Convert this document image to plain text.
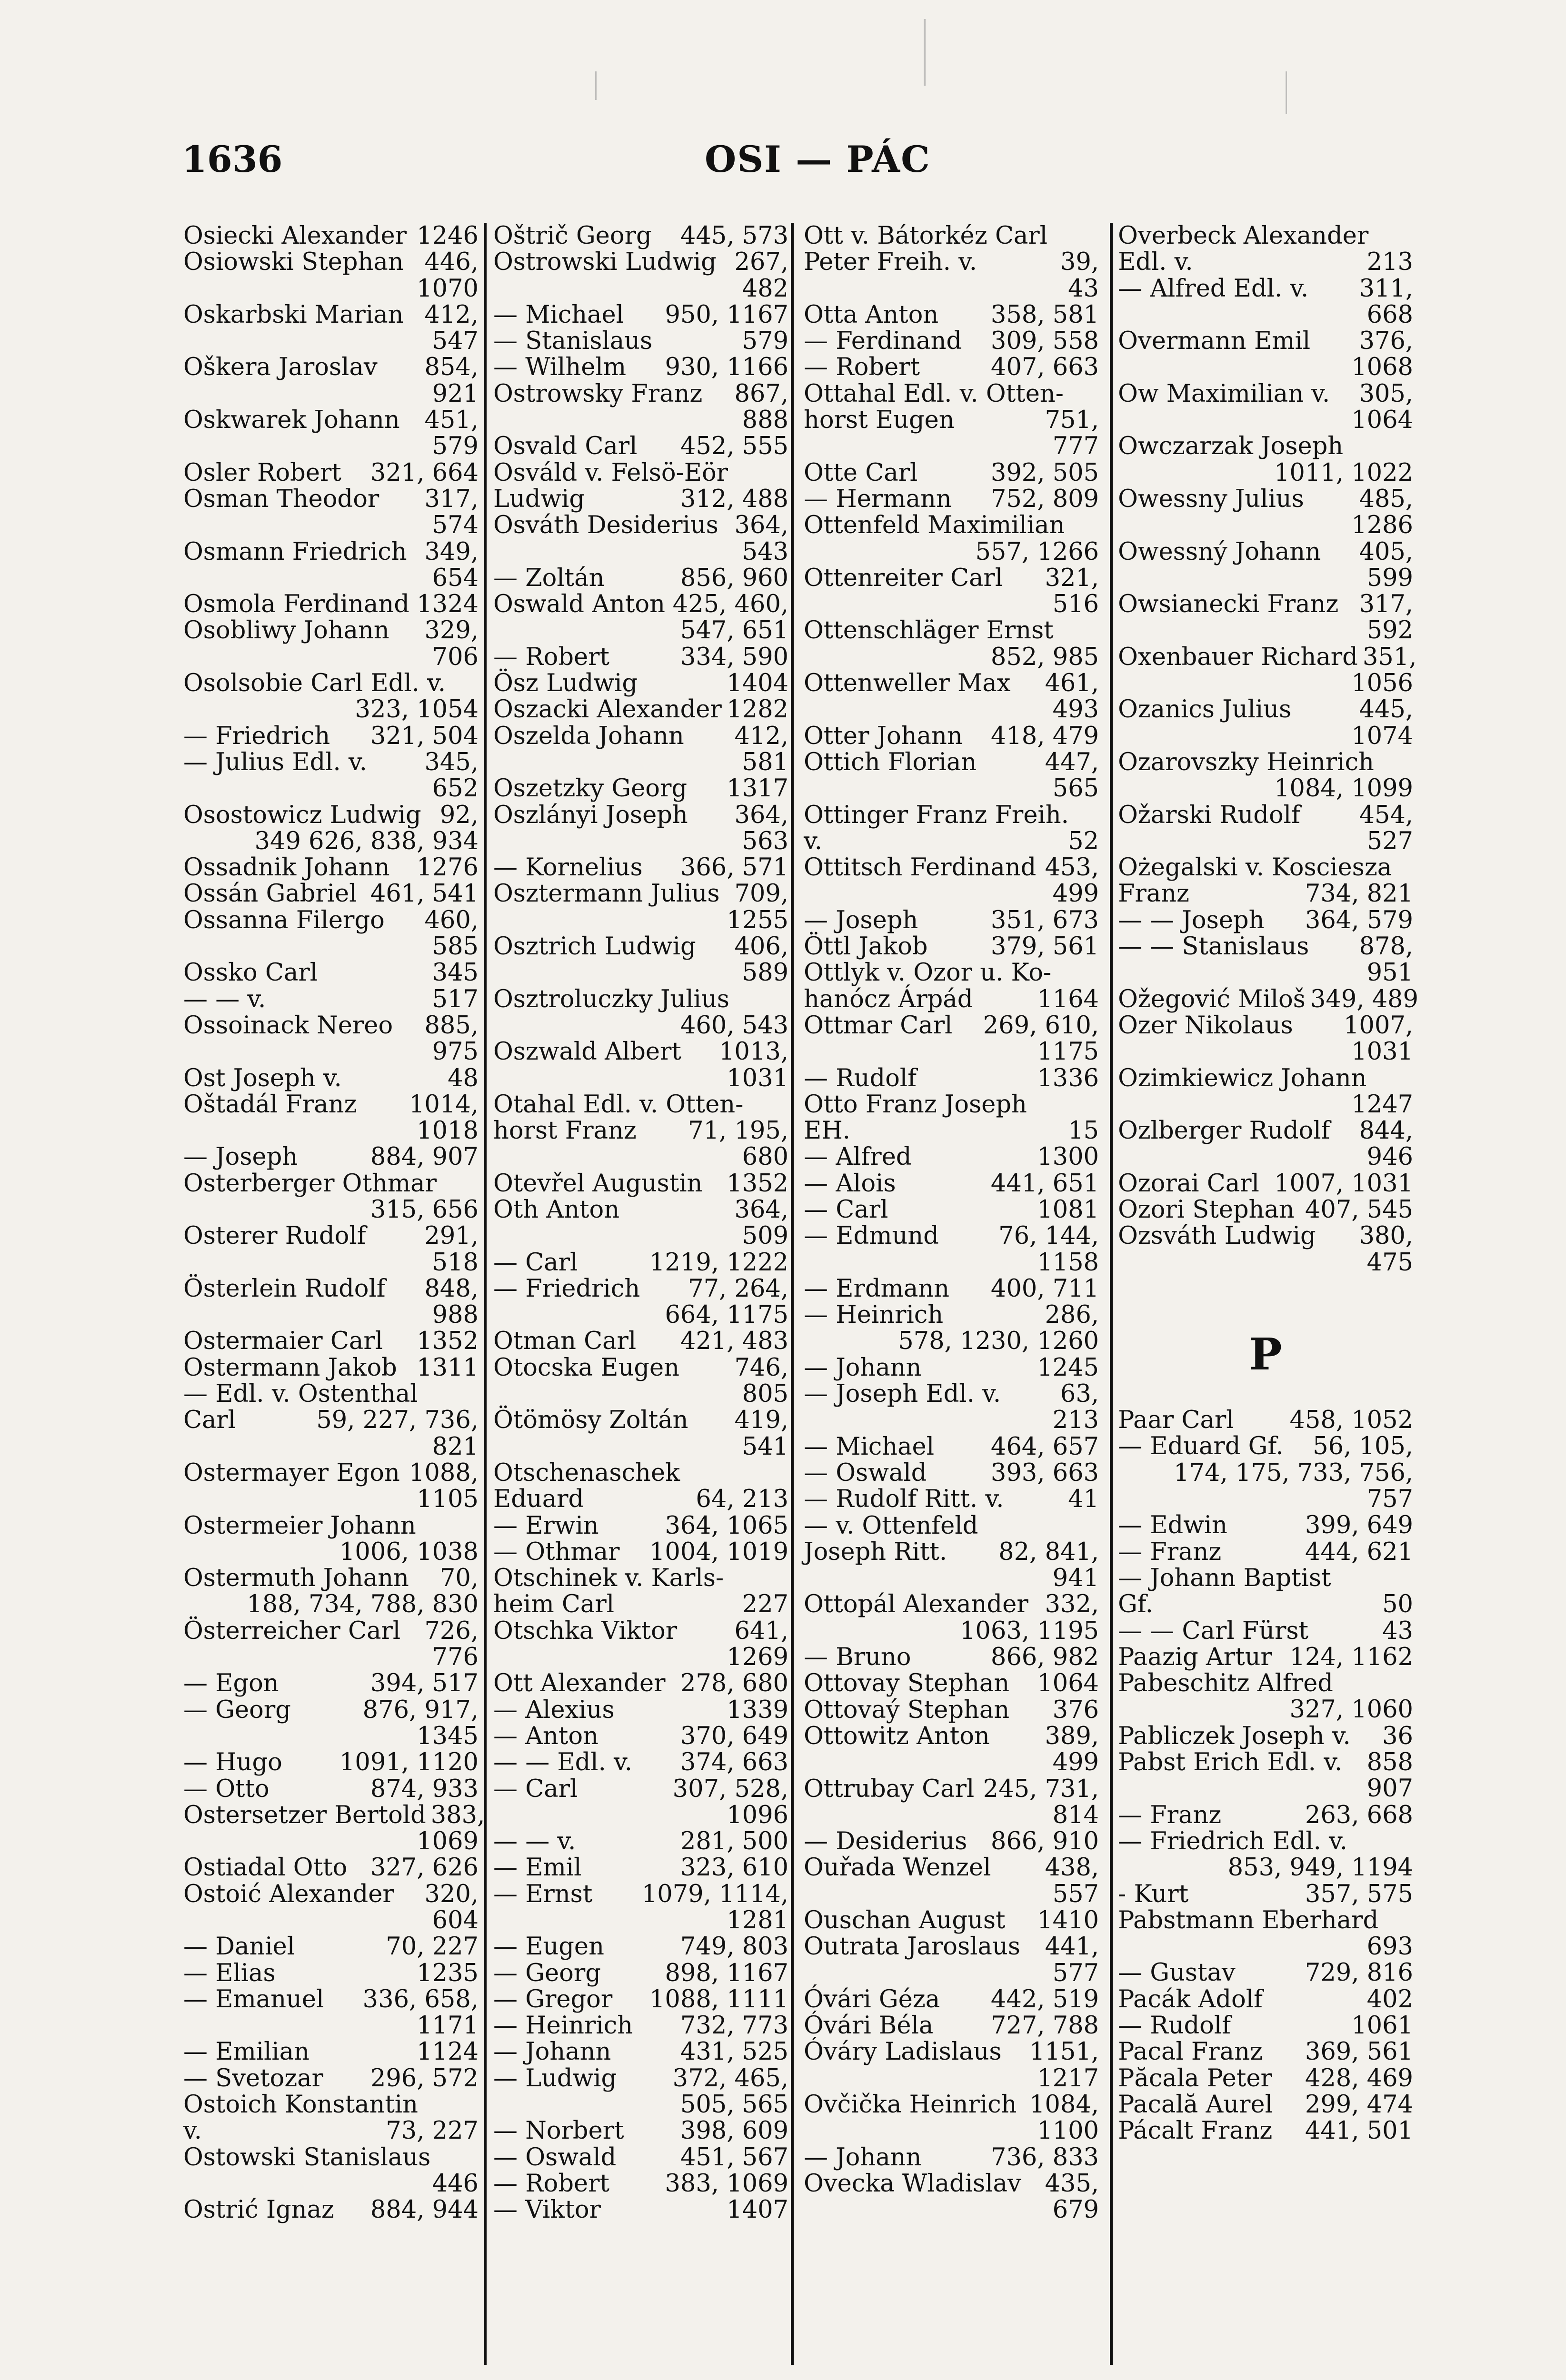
1636	OSI — PÁC
Osiecki Alexander 1246
Osiowski Stephan 446,
1070
Oskarbski Marian 412,
547
Oškera Jaroslav 854,
921
Oskwarek Johann 451,
579
Osler Robert 321, 664
Osman Theodor 317,
574
Osmann Friedrich 349,
654
Osmola Ferdinand 1324
Osobliwy Johann 329,
706
Osolsobie Carl Edl. v.
323, 1054
— Friedrich 321, 504
— Julius Edl. v. 345,
652
Osostowicz Ludwig 92,
349 626, 838, 934
Ossadnik Johann 1276
Ossán Gabriel 461, 541
Ossanna Filergo 460,
585
Ossko Carl	345
— — v.	517
Ossoinack Nereo 885,
975
Ost Joseph v.	48
Oštadál Franz 1014,
1018
— Joseph	884, 907
Osterberger Othmar
315, 656
Osterer Rudolf 291,
518
Österlein Rudolf 848,
988
Ostermaier Carl 1352
Ostermann Jakob 1311
— Edl. v. Ostenthal
Carl	59, 227, 736,
821
Ostermayer Egon 1088,
1105
Ostermeier Johann
1006, 1038
Ostermuth Johann 70,
188, 734, 788, 830
Österreicher Carl 726,
776
— Egon	394, 517
— Georg	876, 917,
1345
— Hugo 1091, 1120
— Otto	874, 933
Ostersetzer Bertold 383,
1069
Ostiadal Otto 327, 626
Ostoić Alexander 320,
604
— Daniel	70, 227
— Elias	1235
— Emanuel 336, 658,
1171
— Emilian	1124
— Svetozar 296, 572
Ostoich Konstantin
v.	73, 227
Ostowski Stanislaus
446
Ostrić Ignaz 884, 944
Oštrič Georg 445, 573
Ostrowski Ludwig 267,
482
— Michael 950, 1167
— Stanislaus	579
— Wilhelm 930, 1166
Ostrowsky Franz 867,
888
Osvald Carl 452, 555
Osváld v. Felsö-Eör
Ludwig	312, 488
Osváth Desiderius 364,
543
— Zoltán	856, 960
Oswald Anton 425, 460,
547, 651
— Robert	334, 590
Ösz Ludwig	1404
Oszacki Alexander 1282
Oszelda Johann 412,
581
Oszetzky Georg 1317
Oszlányi Joseph 364,
563
— Kornelius 366, 571
Osztermann Julius 709,
1255
Osztrich Ludwig 406,
589
Osztroluczky Julius
460, 543
Oszwald Albert 1013,
1031
Otahal Edl. v. Otten-
horst Franz 71, 195,
680
Otevřel Augustin 1352
Oth Anton	364,
509
— Carl	1219, 1222
— Friedrich 77, 264,
664, 1175
Otman Carl 421, 483
Otocska Eugen 746,
805
Ötömösy Zoltán 419,
541
Otschenaschek
Eduard	64, 213
— Erwin	364, 1065
— Othmar 1004, 1019
Otschinek v. Karls-
heim Carl	227
Otschka Viktor 641,
1269
Ott Alexander 278, 680
— Alexius	1339
— Anton	370, 649
— — Edl. v. 374, 663
— Carl	307, 528,
1096
— — v.	281, 500
— Emil	323, 610
— Ernst 1079, 1114,
1281
— Eugen	749, 803
— Georg	898, 1167
— Gregor 1088, 1111
— Heinrich 732, 773
— Johann	431, 525
— Ludwig 372, 465,
505, 565
— Norbert 398, 609
— Oswald	451, 567
— Robert 383, 1069
— Viktor	1407
Ott v. Bátorkéz Carl
Peter Freih. v.	39,
43
Otta Anton 358, 581
— Ferdinand 309, 558
— Robert	407, 663
Ottahal Edl. v. Otten-
horst Eugen	751,
777
Otte Carl	392, 505
— Hermann 752, 809
Ottenfeld Maximilian
557, 1266
Ottenreiter Carl 321,
516
Ottenschläger Ernst
852, 985
Ottenweller Max 461,
493
Otter Johann 418, 479
Ottich Florian	447,
565
Ottinger Franz Freih.
v.	52
Ottitsch Ferdinand 453,
499
— Joseph	351, 673
Öttl Jakob	379, 561
Ottlyk v. Ozor u. Ko-
hanócz Árpád	1164
Ottmar Carl 269, 610,
1175
— Rudolf	1336
Otto Franz Joseph
EH.	15
— Alfred	1300
— Alois	441, 651
— Carl	1081
— Edmund 76, 144,
1158
— Erdmann 400, 711
— Heinrich	286,
578, 1230, 1260
— Johann	1245
— Joseph Edl. v. 63,
213
— Michael 464, 657
— Oswald	393, 663
— Rudolf Ritt. v.	41
— v. Ottenfeld
Joseph Ritt. 82, 841,
941
Ottopál Alexander 332,
1063, 1195
— Bruno	866, 982
Ottovay Stephan 1064
Ottovaý Stephan 376
Ottowitz Anton 389,
499
Ottrubay Carl 245, 731,
814
— Desiderius 866, 910
Ouřada Wenzel 438,
557
Ouschan August 1410
Outrata Jaroslaus 441,
577
Óvári Géza 442, 519
Óvári Béla 727, 788
Óváry Ladislaus 1151,
1217
Ovčička Heinrich 1084,
1100
— Johann	736, 833
Ovecka Wladislav 435,
679
Overbeck Alexander
Edl. v.	213
— Alfred Edl. v. 311,
668
Overmann Emil 376,
1068
Ow Maximilian v. 305,
1064
Owczarzak Joseph
1011, 1022
Owessny Julius 485,
1286
Owessný Johann 405,
599
Owsianecki Franz 317,
592
Oxenbauer Richard 351,
1056
Ozanics Julius	445,
1074
Ozarovszky Heinrich
1084, 1099
Ožarski Rudolf 454,
527
Ożegalski v. Kosciesza
Franz	734, 821
— — Joseph 364, 579
— — Stanislaus 878,
951
Ožegović Miloš 349, 489
Ozer Nikolaus 1007,
1031
Ozimkiewicz Johann
1247
Ozlberger Rudolf 844,
946
Ozorai Carl 1007, 1031
Ozori Stephan 407, 545
Ozsváth Ludwig 380,
475
P
Paar Carl 458, 1052
— Eduard Gf. 56, 105,
174, 175, 733, 756,
757
— Edwin	399, 649
— Franz	444, 621
— Johann Baptist
Gf.	50
— — Carl Fürst	43
Paazig Artur 124, 1162
Pabeschitz Alfred
327, 1060
Pabliczek Joseph v. 36
Pabst Erich Edl. v. 858
907
— Franz	263, 668
— Friedrich Edl. v.
853, 949, 1194
- Kurt	357, 575
Pabstmann Eberhard
693
— Gustav	729, 816
Pacák Adolf	402
— Rudolf	1061
Pacal Franz 369, 561
Păcala Peter 428, 469
Pacală Aurel 299, 474
Pácalt Franz 441, 501
